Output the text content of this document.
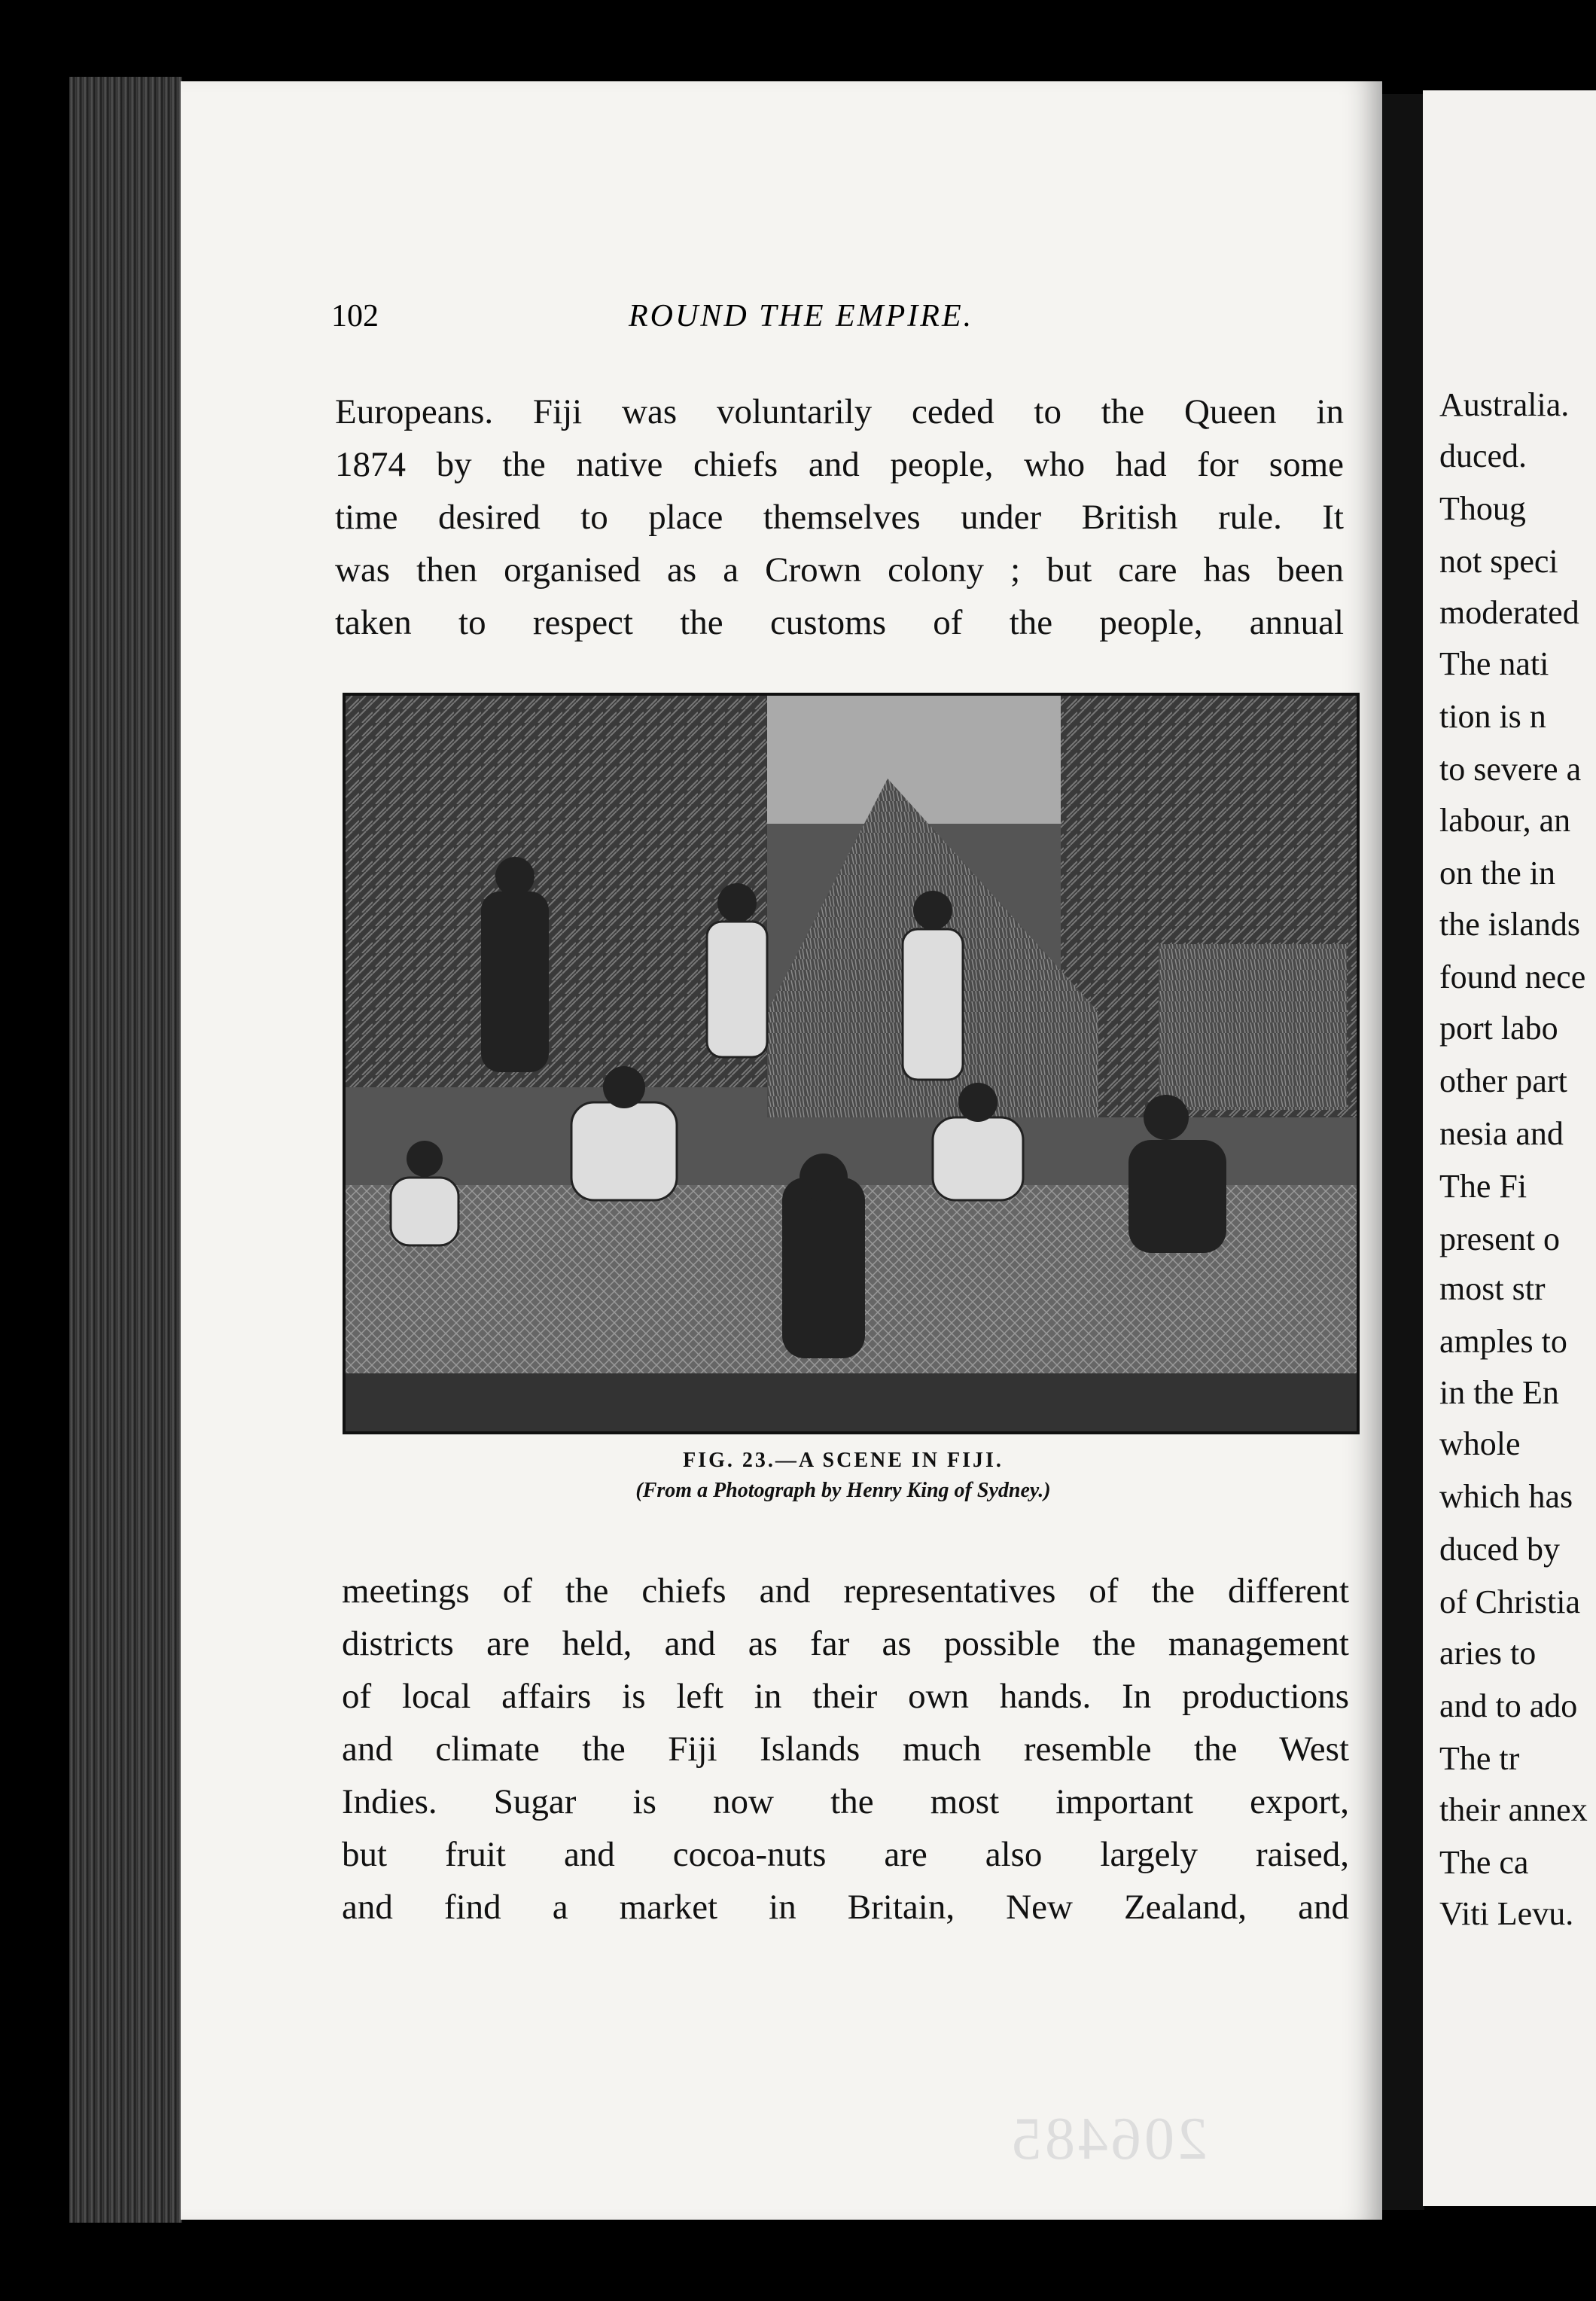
102	ROUND THE EMPIRE.

Europeans. Fiji was voluntarily ceded to the Queen in

1874 by the native chiefs and people, who had for some

time desired to place themselves under British rule. It

was then organised as a Crown colony ; but care has been

taken to respect the customs of the people, annual

FIG. 23.—A SCENE IN FIJI.
(From a Photograph by Henry King of Sydney.)

meetings of the chiefs and representatives of the different

districts are held, and as far as possible the management

of local affairs is left in their own hands. In productions

and climate the Fiji Islands much resemble the West

Indies. Sugar is now the most important export,

but fruit and cocoa-nuts are also largely raised,

and find a market in Britain, New Zealand, and

206485
Australia.
duced.
Thoug
not speci
moderated
The nati
tion is n
to severe a
labour, an
on the in
the islands
found nece
port labo
other part
nesia and
The Fi
present o
most str
amples to
in the En
whole
which has
duced by
of Christia
aries to
and to ado
The tr
their annex
The ca
Viti Levu.
